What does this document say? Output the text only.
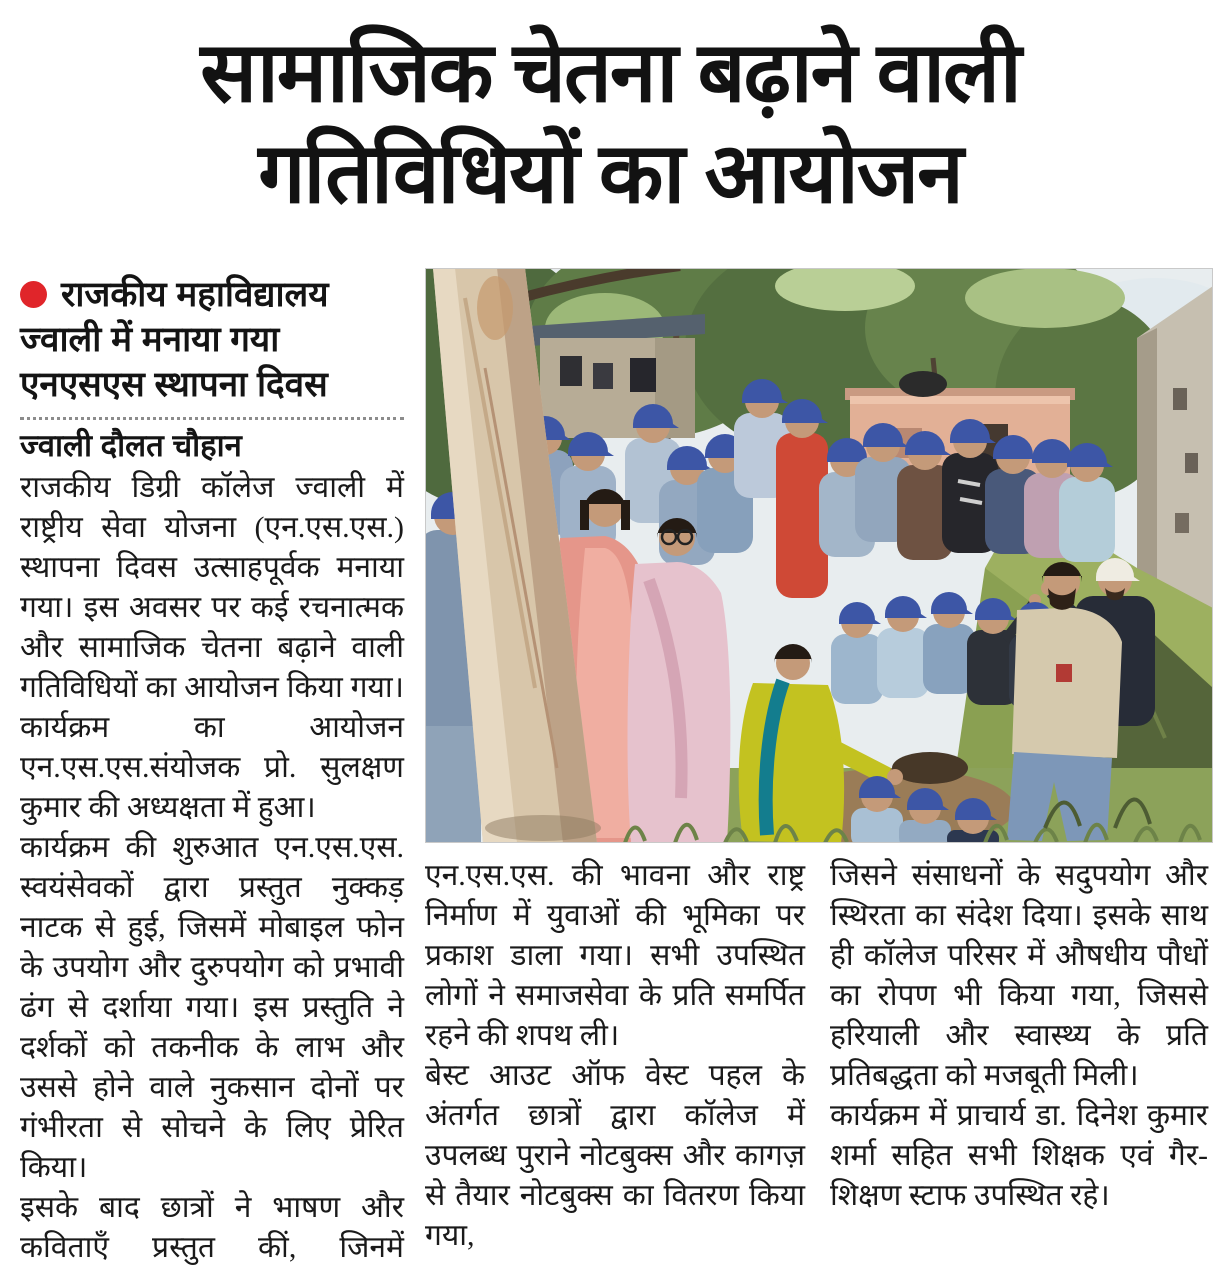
सामाजिक चेतना बढ़ाने वाली
गतिविधियों का आयोजन
राजकीय महाविद्यालय ज्वाली में मनाया गया एनएसएस स्थापना दिवस
ज्वाली दौलत चौहान

राजकीय डिग्री कॉलेज ज्वाली में राष्ट्रीय सेवा योजना (एन.एस.एस.) स्थापना दिवस उत्साहपूर्वक मनाया गया। इस अवसर पर कई रचनात्मक और सामाजिक चेतना बढ़ाने वाली गतिविधियों का आयोजन किया गया। कार्यक्रम का आयोजन एन.एस.एस.संयोजक प्रो. सुलक्षण कुमार की अध्यक्षता में हुआ।

कार्यक्रम की शुरुआत एन.एस.एस. स्वयंसेवकों द्वारा प्रस्तुत नुक्कड़ नाटक से हुई, जिसमें मोबाइल फोन के उपयोग और दुरुपयोग को प्रभावी ढंग से दर्शाया गया। इस प्रस्तुति ने दर्शकों को तकनीक के लाभ और उससे होने वाले नुकसान दोनों पर गंभीरता से सोचने के लिए प्रेरित किया।

इसके बाद छात्रों ने भाषण और कविताएँ प्रस्तुत कीं, जिनमें

एन.एस.एस. की भावना और राष्ट्र निर्माण में युवाओं की भूमिका पर प्रकाश डाला गया। सभी उपस्थित लोगों ने समाजसेवा के प्रति समर्पित रहने की शपथ ली।

बेस्ट आउट ऑफ वेस्ट पहल के अंतर्गत छात्रों द्वारा कॉलेज में उपलब्ध पुराने नोटबुक्स और कागज़ से तैयार नोटबुक्स का वितरण किया गया,

जिसने संसाधनों के सदुपयोग और स्थिरता का संदेश दिया। इसके साथ ही कॉलेज परिसर में औषधीय पौधों का रोपण भी किया गया, जिससे हरियाली और स्वास्थ्य के प्रति प्रतिबद्धता को मजबूती मिली।

कार्यक्रम में प्राचार्य डा. दिनेश कुमार शर्मा सहित सभी शिक्षक एवं गैर-शिक्षण स्टाफ उपस्थित रहे।
